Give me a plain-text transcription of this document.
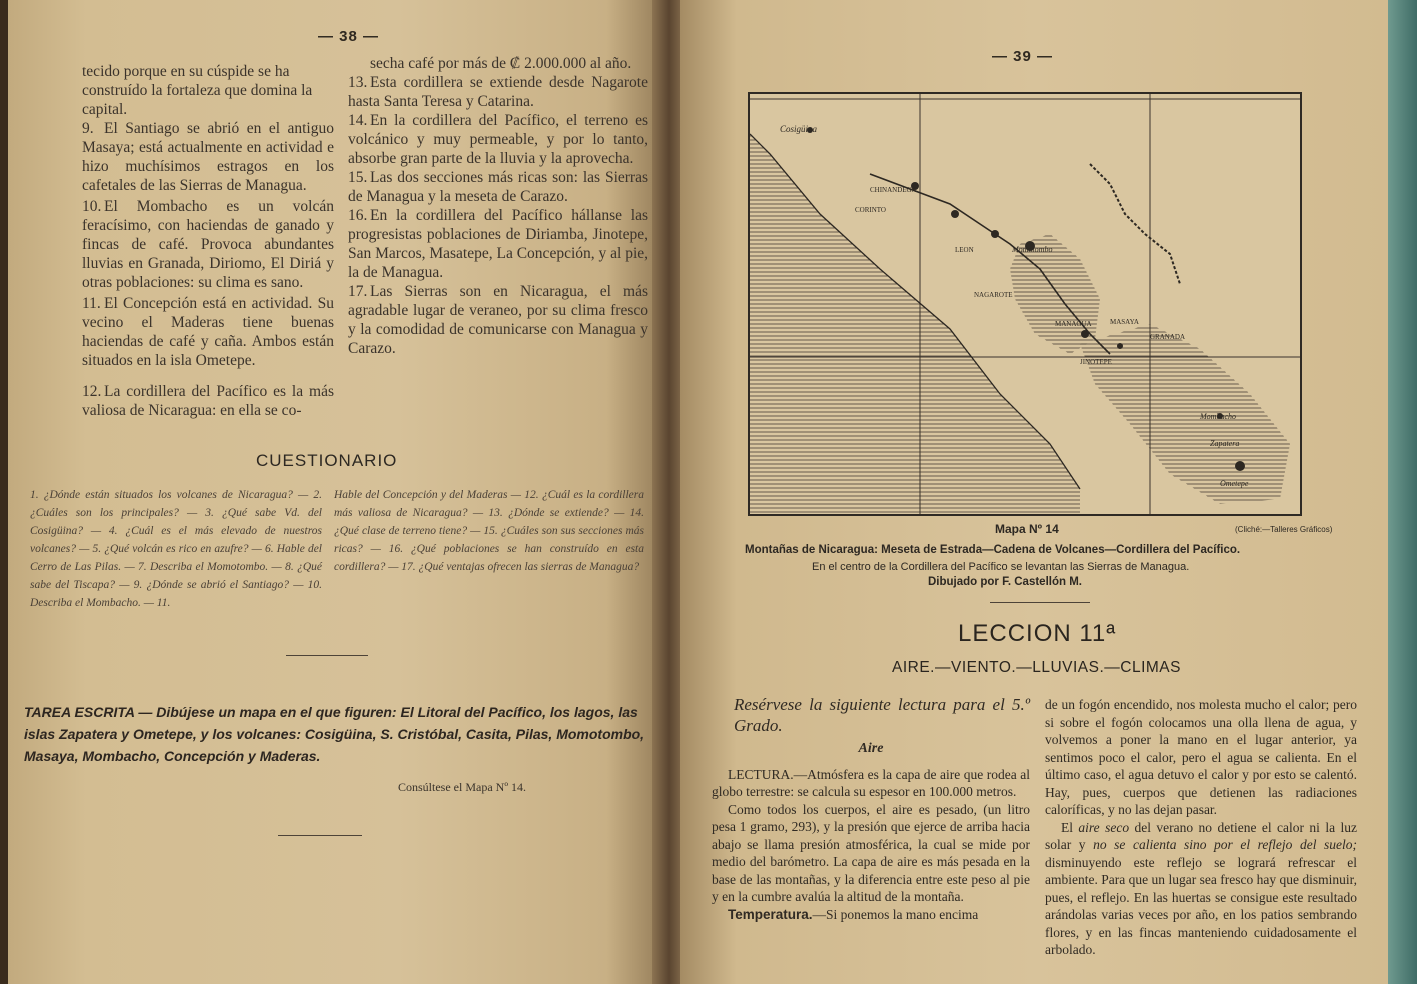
— 38 —

tecido porque en su cúspide se ha construído la fortaleza que domina la capital.

9. El Santiago se abrió en el antiguo Masaya; está actualmente en actividad e hizo muchísimos estragos en los cafetales de las Sierras de Managua.

10. El Mombacho es un volcán feracísimo, con haciendas de ganado y fincas de café. Provoca abundantes lluvias en Granada, Diriomo, El Diriá y otras poblaciones: su clima es sano.

11. El Concepción está en actividad. Su vecino el Maderas tiene buenas haciendas de café y caña. Ambos están situados en la isla Ometepe.

12. La cordillera del Pacífico es la más valiosa de Nicaragua: en ella se co-

secha café por más de ₡ 2.000.000 al año.

13. Esta cordillera se extiende desde Nagarote hasta Santa Teresa y Catarina.

14. En la cordillera del Pacífico, el terreno es volcánico y muy permeable, y por lo tanto, absorbe gran parte de la lluvia y la aprovecha.

15. Las dos secciones más ricas son: las Sierras de Managua y la meseta de Carazo.

16. En la cordillera del Pacífico hállanse las progresistas poblaciones de Diriamba, Jinotepe, San Marcos, Masatepe, La Concepción, y al pie, la de Managua.

17. Las Sierras son en Nicaragua, el más agradable lugar de veraneo, por su clima fresco y la comodidad de comunicarse con Managua y Carazo.

CUESTIONARIO
1. ¿Dónde están situados los volcanes de Nicaragua? — 2. ¿Cuáles son los principales? — 3. ¿Qué sabe Vd. del Cosigüina? — 4. ¿Cuál es el más elevado de nuestros volcanes? — 5. ¿Qué volcán es rico en azufre? — 6. Hable del Cerro de Las Pilas. — 7. Describa el Momotombo. — 8. ¿Qué sabe del Tiscapa? — 9. ¿Dónde se abrió el Santiago? — 10. Describa el Mombacho. — 11.
Hable del Concepción y del Maderas — 12. ¿Cuál es la cordillera más valiosa de Nicaragua? — 13. ¿Dónde se extiende? — 14. ¿Qué clase de terreno tiene? — 15. ¿Cuáles son sus secciones más ricas? — 16. ¿Qué poblaciones se han construído en esta cordillera? — 17. ¿Qué ventajas ofrecen las sierras de Managua?
TAREA ESCRITA — Dibújese un mapa en el que figuren: El Litoral del Pacífico, los lagos, las islas Zapatera y Ometepe, y los volcanes: Cosigüina, S. Cristóbal, Casita, Pilas, Momotombo, Masaya, Mombacho, Concepción y Maderas.
Consúltese el Mapa Nº 14.
— 39 —
Cosigüina
CHINANDEGA
CORINTO
LEON
NAGAROTE
Momotombo
MANAGUA	MASAYA
GRANADA
JINOTEPE
Mombacho
Zapatera
Ometepe
Mapa Nº 14	(Cliché:—Talleres Gráficos)
Montañas de Nicaragua: Meseta de Estrada—Cadena de Volcanes—Cordillera del Pacífico.
En el centro de la Cordillera del Pacífico se levantan las Sierras de Managua.
Dibujado por F. Castellón M.
LECCION 11ª
AIRE.—VIENTO.—LLUVIAS.—CLIMAS

Resérvese la siguiente lectura para el 5.º Grado.

Aire

LECTURA.—Atmósfera es la capa de aire que rodea al globo terrestre: se calcula su espesor en 100.000 metros.

Como todos los cuerpos, el aire es pesado, (un litro pesa 1 gramo, 293), y la presión que ejerce de arriba hacia abajo se llama presión atmosférica, la cual se mide por medio del barómetro. La capa de aire es más pesada en la base de las montañas, y la diferencia entre este peso al pie y en la cumbre avalúa la altitud de la montaña.

Temperatura.—Si ponemos la mano encima

de un fogón encendido, nos molesta mucho el calor; pero si sobre el fogón colocamos una olla llena de agua, y volvemos a poner la mano en el lugar anterior, ya sentimos poco el calor, pero el agua se calienta. En el último caso, el agua detuvo el calor y por esto se calentó. Hay, pues, cuerpos que detienen las radiaciones caloríficas, y no las dejan pasar.

El aire seco del verano no detiene el calor ni la luz solar y no se calienta sino por el reflejo del suelo; disminuyendo este reflejo se logrará refrescar el ambiente. Para que un lugar sea fresco hay que disminuir, pues, el reflejo. En las huertas se consigue este resultado arándolas varias veces por año, en los patios sembrando flores, y en las fincas manteniendo cuidadosamente el arbolado.
